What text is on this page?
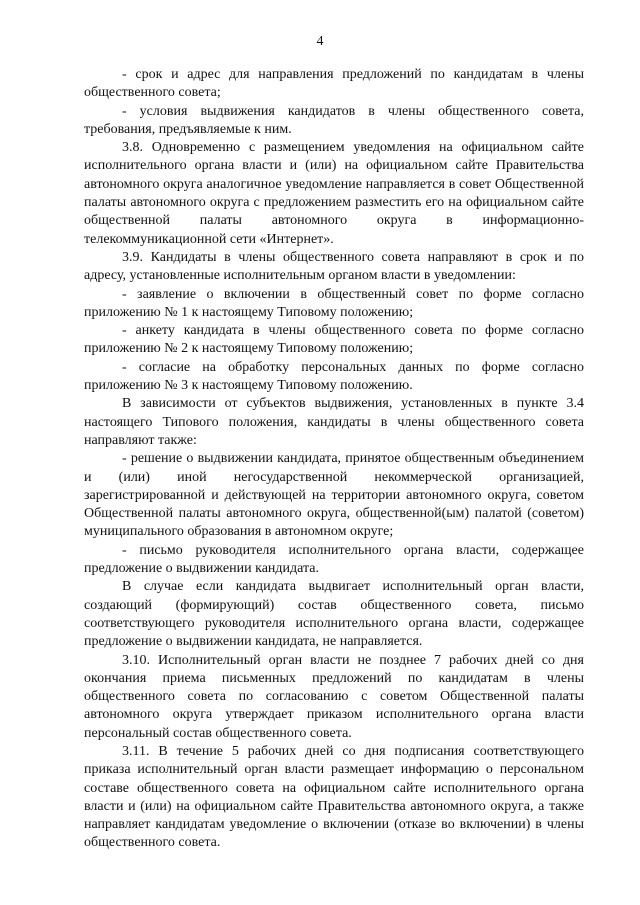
4

- срок и адрес для направления предложений по кандидатам в члены общественного совета;

- условия выдвижения кандидатов в члены общественного совета, требования, предъявляемые к ним.

3.8. Одновременно с размещением уведомления на официальном сайте исполнительного органа власти и (или) на официальном сайте Правительства автономного округа аналогичное уведомление направляется в совет Общественной палаты автономного округа с предложением разместить его на официальном сайте общественной палаты автономного округа в информационно-телекоммуникационной сети «Интернет».

3.9. Кандидаты в члены общественного совета направляют в срок и по адресу, установленные исполнительным органом власти в уведомлении:

- заявление о включении в общественный совет по форме согласно приложению № 1 к настоящему Типовому положению;

- анкету кандидата в члены общественного совета по форме согласно приложению № 2 к настоящему Типовому положению;

- согласие на обработку персональных данных по форме согласно приложению № 3 к настоящему Типовому положению.

В зависимости от субъектов выдвижения, установленных в пункте 3.4 настоящего Типового положения, кандидаты в члены общественного совета направляют также:

- решение о выдвижении кандидата, принятое общественным объединением и (или) иной негосударственной некоммерческой организацией, зарегистрированной и действующей на территории автономного округа, советом Общественной палаты автономного округа, общественной(ым) палатой (советом) муниципального образования в автономном округе;

- письмо руководителя исполнительного органа власти, содержащее предложение о выдвижении кандидата.

В случае если кандидата выдвигает исполнительный орган власти, создающий (формирующий) состав общественного совета, письмо соответствующего руководителя исполнительного органа власти, содержащее предложение о выдвижении кандидата, не направляется.

3.10. Исполнительный орган власти не позднее 7 рабочих дней со дня окончания приема письменных предложений по кандидатам в члены общественного совета по согласованию с советом Общественной палаты автономного округа утверждает приказом исполнительного органа власти персональный состав общественного совета.

3.11. В течение 5 рабочих дней со дня подписания соответствующего приказа исполнительный орган власти размещает информацию о персональном составе общественного совета на официальном сайте исполнительного органа власти и (или) на официальном сайте Правительства автономного округа, а также направляет кандидатам уведомление о включении (отказе во включении) в члены общественного совета.
